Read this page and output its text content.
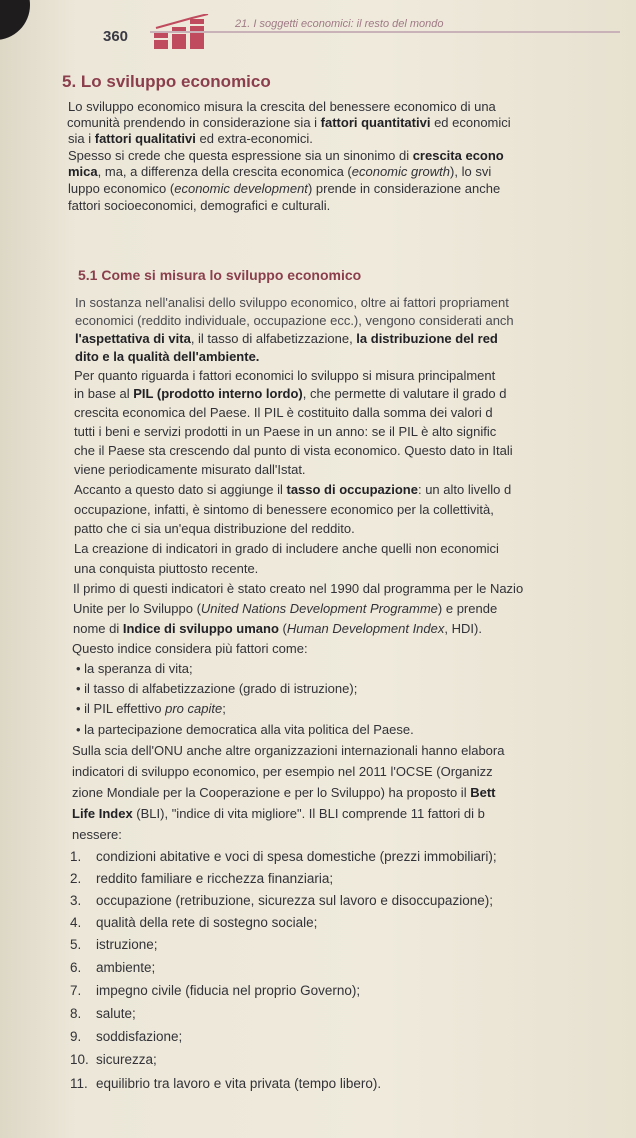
360
21. I soggetti economici: il resto del mondo
5. Lo sviluppo economico
Lo sviluppo economico misura la crescita del benessere economico di una
comunità prendendo in considerazione sia i fattori quantitativi ed economici
sia i fattori qualitativi ed extra-economici.
Spesso si crede che questa espressione sia un sinonimo di crescita econo
mica, ma, a differenza della crescita economica (economic growth), lo svi
luppo economico (economic development) prende in considerazione anche
fattori socioeconomici, demografici e culturali.
5.1 Come si misura lo sviluppo economico
In sostanza nell'analisi dello sviluppo economico, oltre ai fattori propriament
economici (reddito individuale, occupazione ecc.), vengono considerati anch
l'aspettativa di vita, il tasso di alfabetizzazione, la distribuzione del red
dito e la qualità dell'ambiente.
Per quanto riguarda i fattori economici lo sviluppo si misura principalment
in base al PIL (prodotto interno lordo), che permette di valutare il grado d
crescita economica del Paese. Il PIL è costituito dalla somma dei valori d
tutti i beni e servizi prodotti in un Paese in un anno: se il PIL è alto signific
che il Paese sta crescendo dal punto di vista economico. Questo dato in Itali
viene periodicamente misurato dall'Istat.
Accanto a questo dato si aggiunge il tasso di occupazione: un alto livello d
occupazione, infatti, è sintomo di benessere economico per la collettività,
patto che ci sia un'equa distribuzione del reddito.
La creazione di indicatori in grado di includere anche quelli non economici
una conquista piuttosto recente.
Il primo di questi indicatori è stato creato nel 1990 dal programma per le Nazio
Unite per lo Sviluppo (United Nations Development Programme) e prende
nome di Indice di sviluppo umano (Human Development Index, HDI).
Questo indice considera più fattori come:
• la speranza di vita;
• il tasso di alfabetizzazione (grado di istruzione);
• il PIL effettivo pro capite;
• la partecipazione democratica alla vita politica del Paese.
Sulla scia dell'ONU anche altre organizzazioni internazionali hanno elabora
indicatori di sviluppo economico, per esempio nel 2011 l'OCSE (Organizz
zione Mondiale per la Cooperazione e per lo Sviluppo) ha proposto il Bett
Life Index (BLI), "indice di vita migliore". Il BLI comprende 11 fattori di b
nessere:
1. condizioni abitative e voci di spesa domestiche (prezzi immobiliari);
2. reddito familiare e ricchezza finanziaria;
3. occupazione (retribuzione, sicurezza sul lavoro e disoccupazione);
4. qualità della rete di sostegno sociale;
5. istruzione;
6. ambiente;
7. impegno civile (fiducia nel proprio Governo);
8. salute;
9. soddisfazione;
10. sicurezza;
11. equilibrio tra lavoro e vita privata (tempo libero).
